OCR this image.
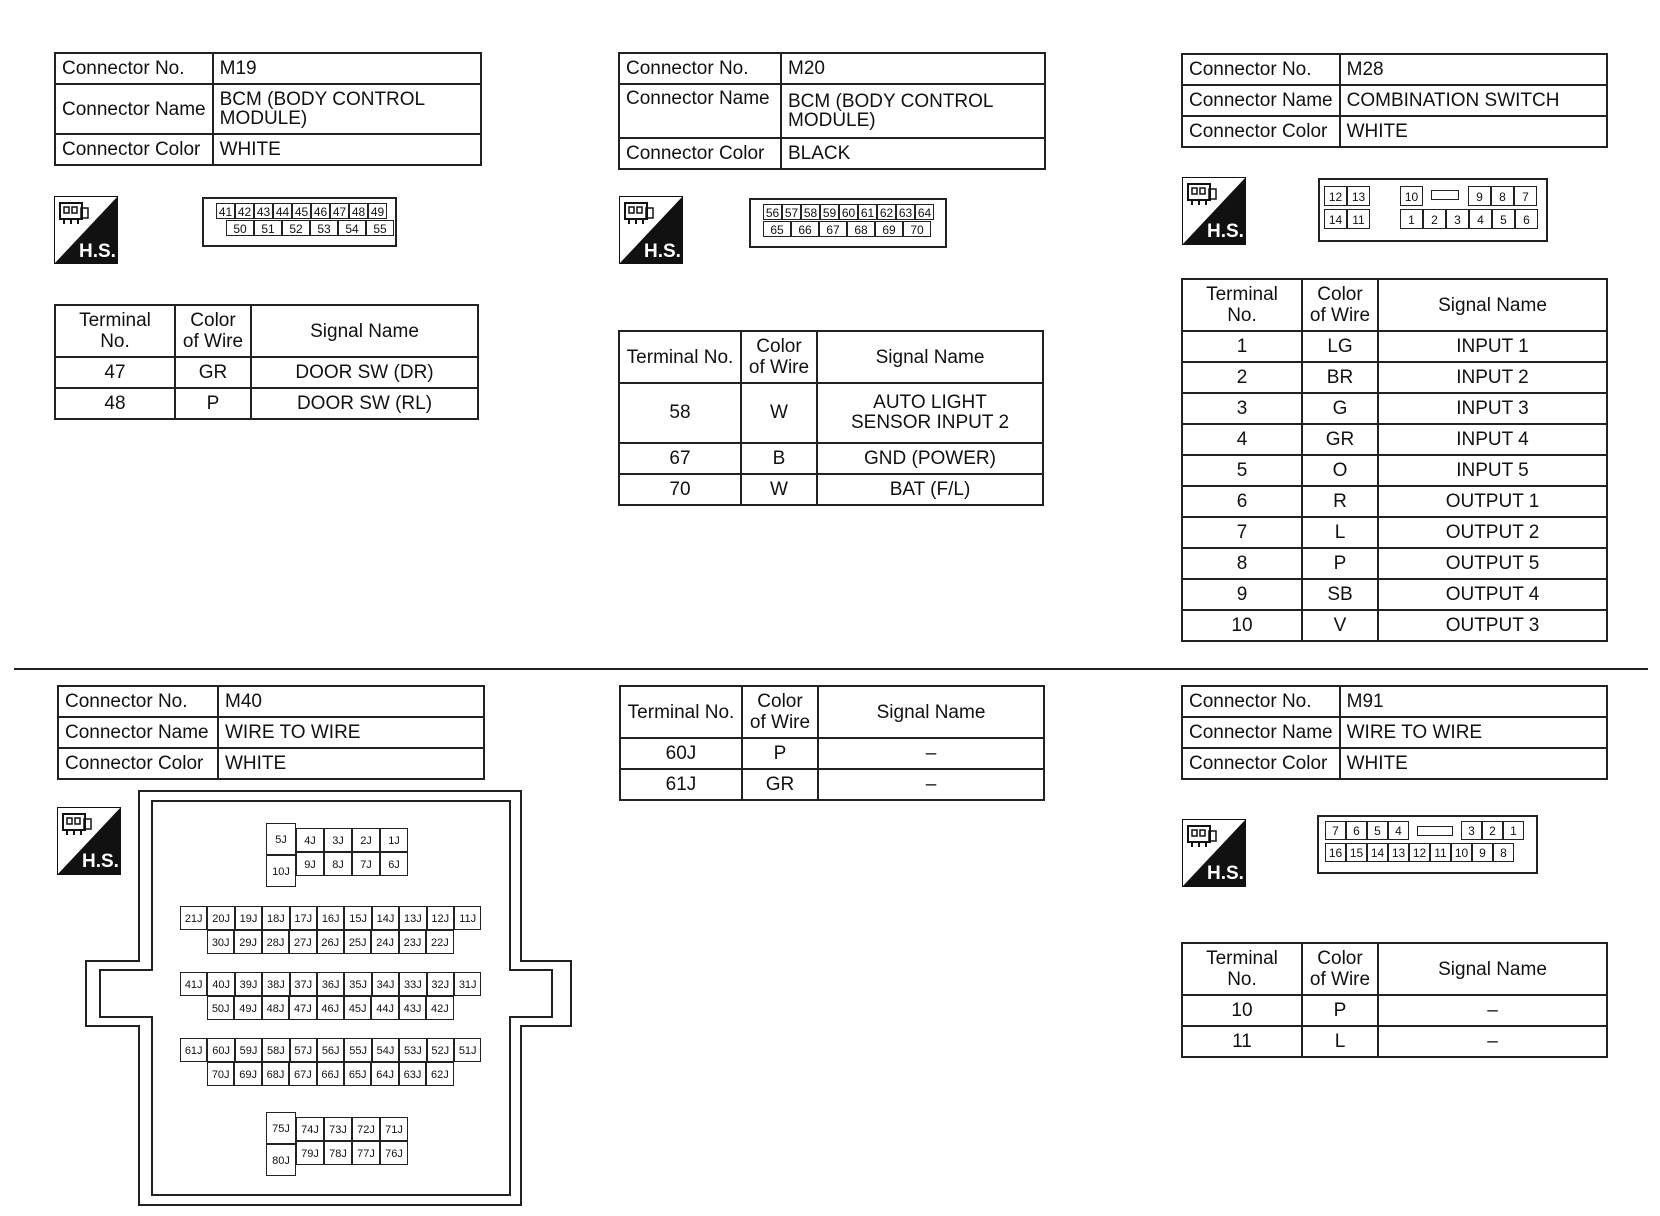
Connector No.	M19
Connector Name	BCM (BODY CONTROL MODULE)
Connector Color	WHITE
H.S.
41 42 43 44 45 46 47 48 49
50	51	52	53	54	55
Terminal No.	Color of Wire	Signal Name
47	GR	DOOR SW (DR)
48	P	DOOR SW (RL)
Connector No.	M20
Connector Name	BCM (BODY CONTROL MODULE)
Connector Color	BLACK
H.S.
56 57 58 59 60 61 62 63 64
65	66	67	68	69	70
Terminal No.	Color of Wire	Signal Name
58	W	AUTO LIGHT SENSOR INPUT 2
67	B	GND (POWER)
70	W	BAT (F/L)
Connector No.	M28
Connector Name	COMBINATION SWITCH
Connector Color	WHITE
H.S.
12 13	10	9	8	7
14 11	1	2	3	4	5	6
Terminal No.	Color of Wire	Signal Name
1	LG	INPUT 1
2	BR	INPUT 2
3	G	INPUT 3
4	GR	INPUT 4
5	O	INPUT 5
6	R	OUTPUT 1
7	L	OUTPUT 2
8	P	OUTPUT 5
9	SB	OUTPUT 4
10	V	OUTPUT 3
Connector No.	M40
Connector Name	WIRE TO WIRE
Connector Color	WHITE
H.S.
5J	4J	3J	2J	1J
10J
9J	8J	7J	6J
21J 20J 19J 18J 17J 16J 15J 14J 13J 12J 11J
30J 29J 28J 27J 26J 25J 24J 23J 22J
41J 40J 39J 38J 37J 36J 35J 34J 33J 32J 31J
50J 49J 48J 47J 46J 45J 44J 43J 42J
61J 60J 59J 58J 57J 56J 55J 54J 53J 52J 51J
70J 69J 68J 67J 66J 65J 64J 63J 62J
75J	74J 73J 72J 71J
80J
79J 78J 77J 76J
Terminal No.	Color of Wire	Signal Name
60J	P	–
61J	GR	–
Connector No.	M91
Connector Name	WIRE TO WIRE
Connector Color	WHITE
H.S.
7	6	5	4	3	2	1
16 15 14 13 12 11 10 9	8
Terminal No.	Color of Wire	Signal Name
10	P	–
11	L	–
